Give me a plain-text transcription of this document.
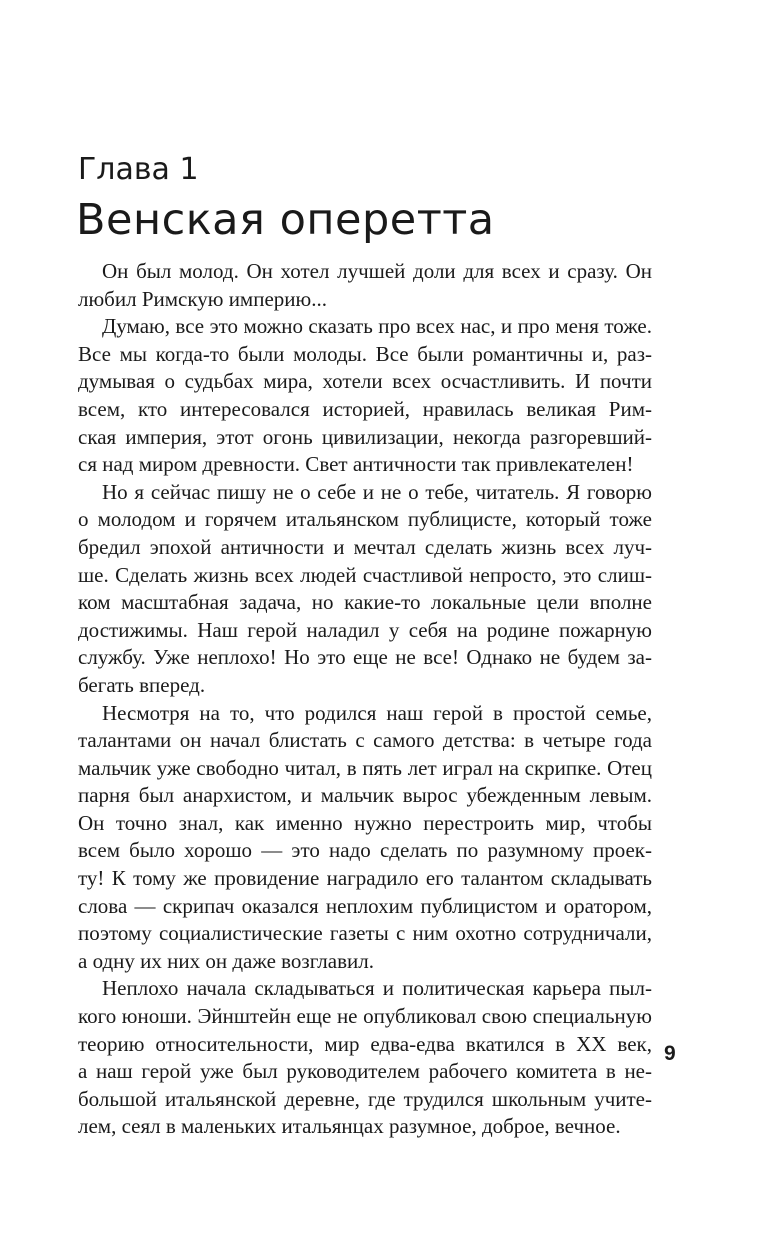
Глава 1
Венская оперетта
Он был молод. Он хотел лучшей доли для всех и сразу. Он
любил Римскую империю...
Думаю, все это можно сказать про всех нас, и про меня тоже.
Все мы когда-то были молоды. Все были романтичны и, раз-
думывая о судьбах мира, хотели всех осчастливить. И почти
всем, кто интересовался историей, нравилась великая Рим-
ская империя, этот огонь цивилизации, некогда разгоревший-
ся над миром древности. Свет античности так привлекателен!
Но я сейчас пишу не о себе и не о тебе, читатель. Я говорю
о молодом и горячем итальянском публицисте, который тоже
бредил эпохой античности и мечтал сделать жизнь всех луч-
ше. Сделать жизнь всех людей счастливой непросто, это слиш-
ком масштабная задача, но какие-то локальные цели вполне
достижимы. Наш герой наладил у себя на родине пожарную
службу. Уже неплохо! Но это еще не все! Однако не будем за-
бегать вперед.
Несмотря на то, что родился наш герой в простой семье,
талантами он начал блистать с самого детства: в четыре года
мальчик уже свободно читал, в пять лет играл на скрипке. Отец
парня был анархистом, и мальчик вырос убежденным левым.
Он точно знал, как именно нужно перестроить мир, чтобы
всем было хорошо — это надо сделать по разумному проек-
ту! К тому же провидение наградило его талантом складывать
слова — скрипач оказался неплохим публицистом и оратором,
поэтому социалистические газеты с ним охотно сотрудничали,
а одну их них он даже возглавил.
Неплохо начала складываться и политическая карьера пыл-
кого юноши. Эйнштейн еще не опубликовал свою специальную
теорию относительности, мир едва-едва вкатился в XX век,
а наш герой уже был руководителем рабочего комитета в не-
большой итальянской деревне, где трудился школьным учите-
лем, сеял в маленьких итальянцах разумное, доброе, вечное.
9
